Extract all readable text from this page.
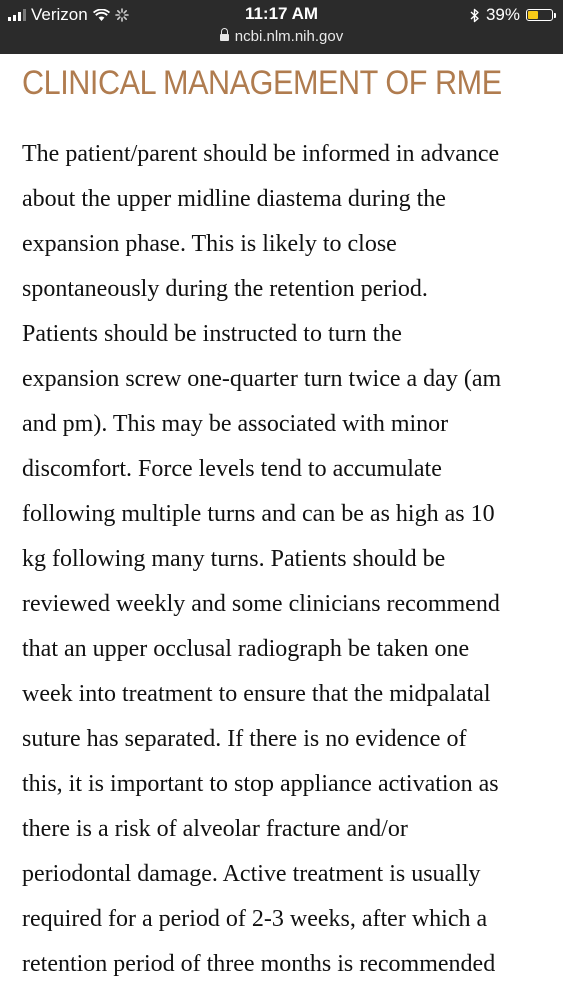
Verizon	11:17 AM	39%
ncbi.nlm.nih.gov
CLINICAL MANAGEMENT OF RME

The patient/parent should be informed in advance
about the upper midline diastema during the
expansion phase. This is likely to close
spontaneously during the retention period.
Patients should be instructed to turn the
expansion screw one-quarter turn twice a day (am
and pm). This may be associated with minor
discomfort. Force levels tend to accumulate
following multiple turns and can be as high as 10
kg following many turns. Patients should be
reviewed weekly and some clinicians recommend
that an upper occlusal radiograph be taken one
week into treatment to ensure that the midpalatal
suture has separated. If there is no evidence of
this, it is important to stop appliance activation as
there is a risk of alveolar fracture and/or
periodontal damage. Active treatment is usually
required for a period of 2-3 weeks, after which a
retention period of three months is recommended
